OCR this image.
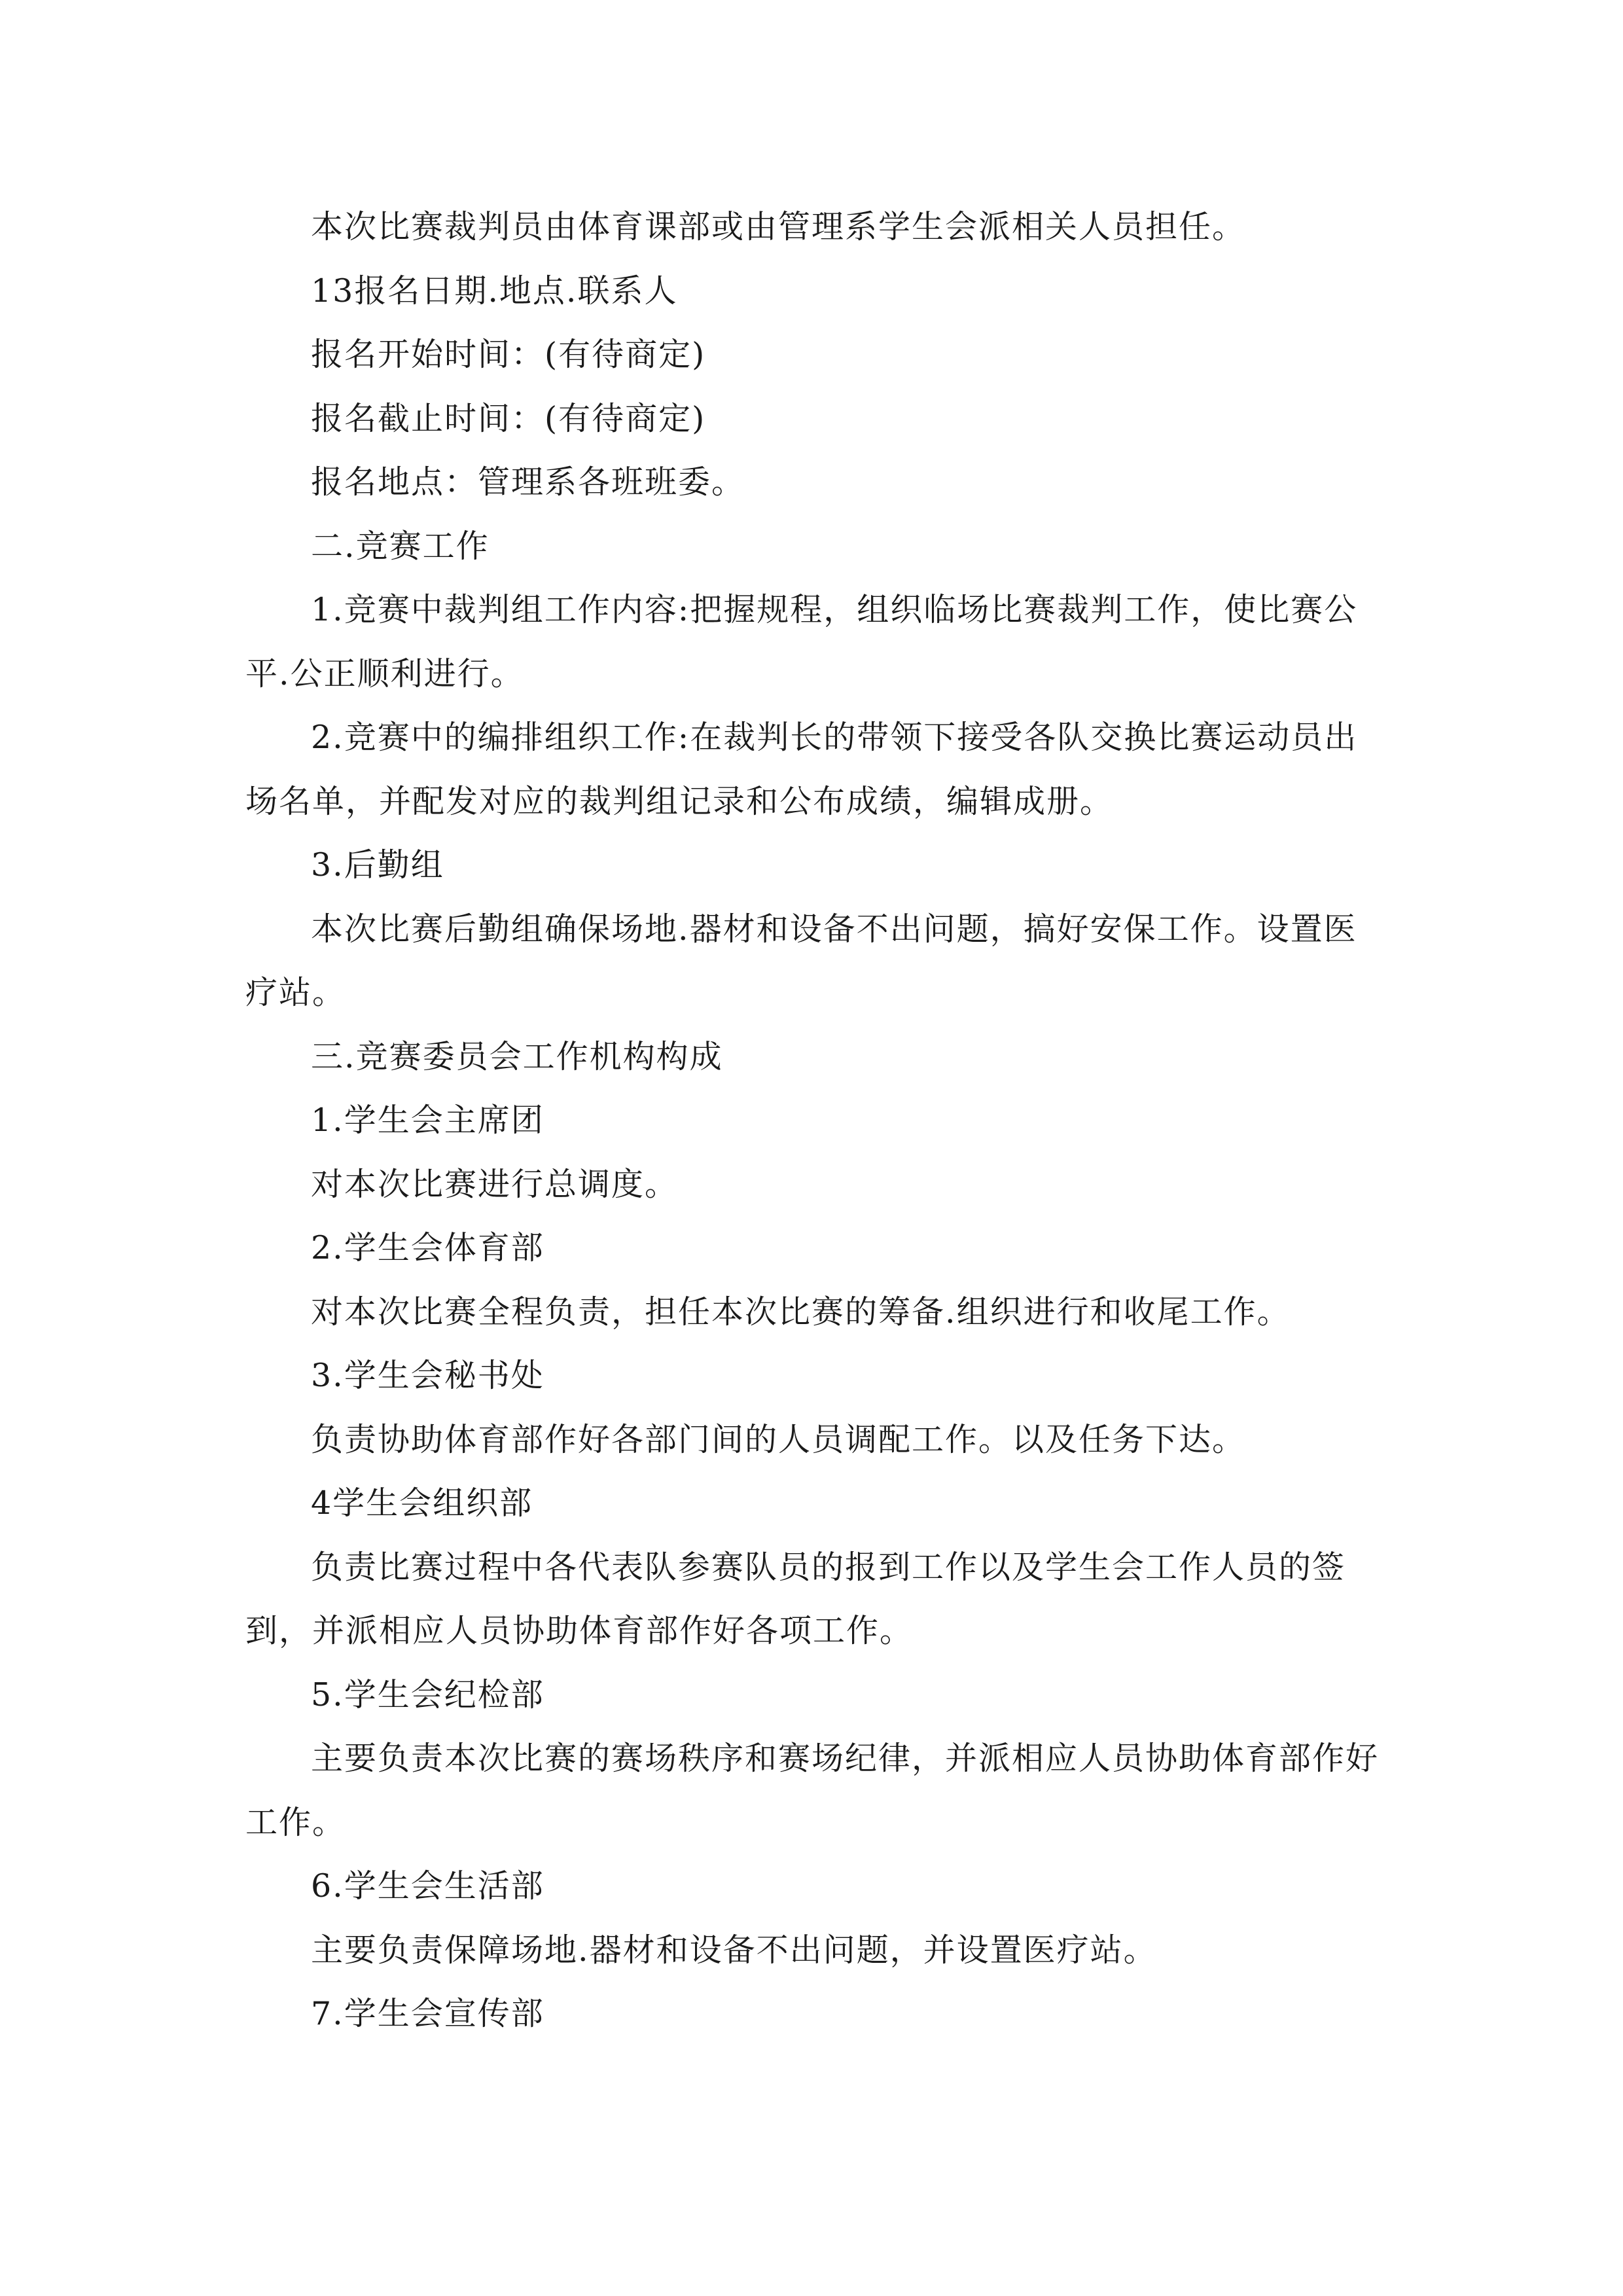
本次比赛裁判员由体育课部或由管理系学生会派相关人员担任。

13报名日期.地点.联系人

报名开始时间：(有待商定)

报名截止时间：(有待商定)

报名地点：管理系各班班委。

二.竞赛工作

1.竞赛中裁判组工作内容:把握规程，组织临场比赛裁判工作，使比赛公平.公正顺利进行。

2.竞赛中的编排组织工作:在裁判长的带领下接受各队交换比赛运动员出场名单，并配发对应的裁判组记录和公布成绩，编辑成册。

3.后勤组

本次比赛后勤组确保场地.器材和设备不出问题，搞好安保工作。设置医疗站。

三.竞赛委员会工作机构构成

1.学生会主席团

对本次比赛进行总调度。

2.学生会体育部

对本次比赛全程负责，担任本次比赛的筹备.组织进行和收尾工作。

3.学生会秘书处

负责协助体育部作好各部门间的人员调配工作。以及任务下达。

4学生会组织部

负责比赛过程中各代表队参赛队员的报到工作以及学生会工作人员的签到，并派相应人员协助体育部作好各项工作。

5.学生会纪检部

主要负责本次比赛的赛场秩序和赛场纪律，并派相应人员协助体育部作好工作。

6.学生会生活部

主要负责保障场地.器材和设备不出问题，并设置医疗站。

7.学生会宣传部
